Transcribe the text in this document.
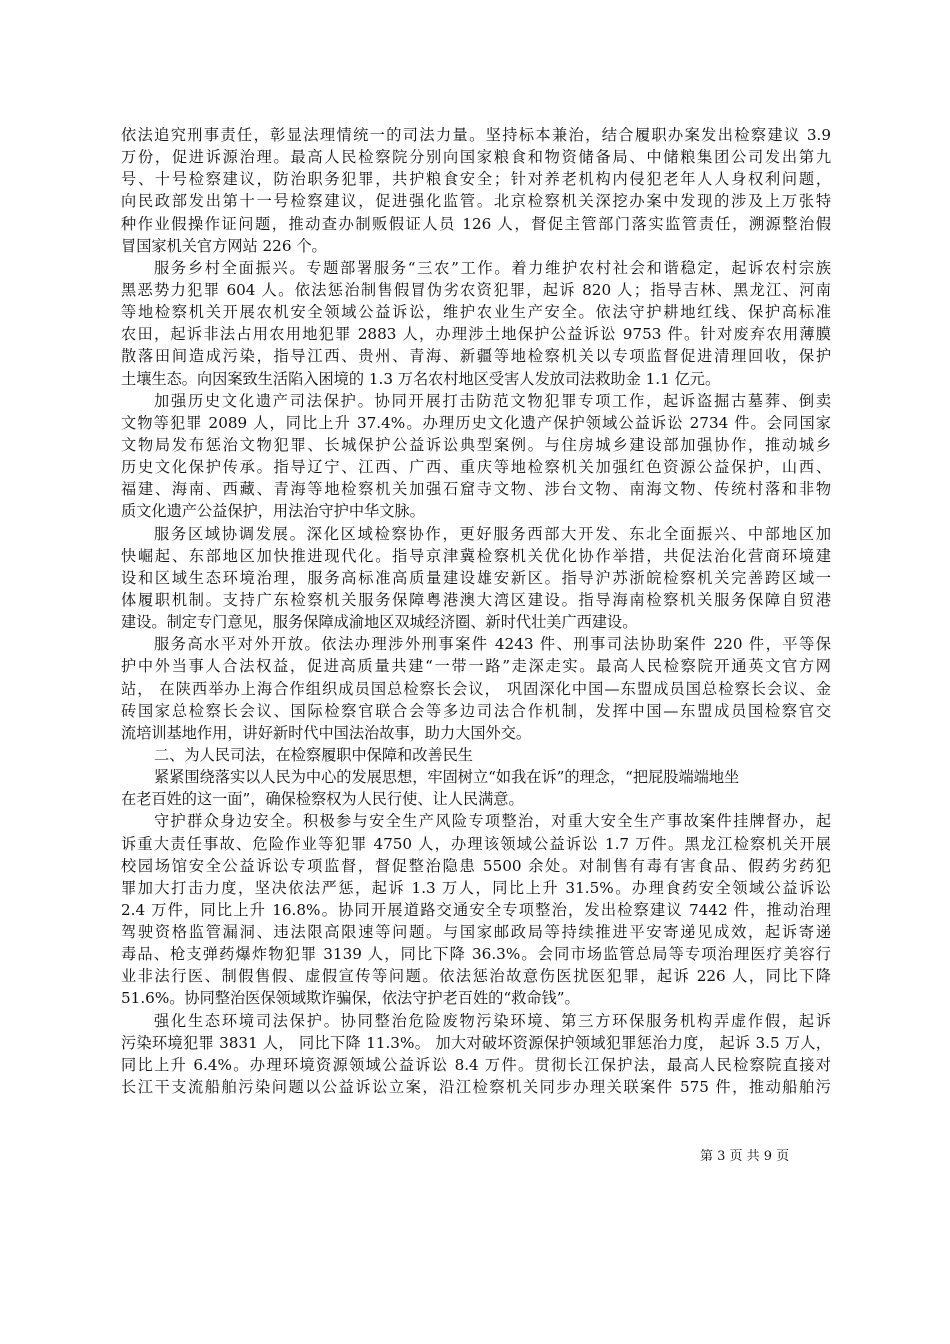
依法追究刑事责任，彰显法理情统一的司法力量。坚持标本兼治，结合履职办案发出检察建议 3.9
万份，促进诉源治理。最高人民检察院分别向国家粮食和物资储备局、中储粮集团公司发出第九
号、十号检察建议，防治职务犯罪，共护粮食安全；针对养老机构内侵犯老年人人身权利问题，
向民政部发出第十一号检察建议，促进强化监管。北京检察机关深挖办案中发现的涉及上万张特
种作业假操作证问题，推动查办制贩假证人员 126 人，督促主管部门落实监管责任，溯源整治假
冒国家机关官方网站 226 个。
服务乡村全面振兴。专题部署服务“三农”工作。着力维护农村社会和谐稳定，起诉农村宗族
黑恶势力犯罪 604 人。依法惩治制售假冒伪劣农资犯罪，起诉 820 人；指导吉林、黑龙江、河南
等地检察机关开展农机安全领域公益诉讼，维护农业生产安全。依法守护耕地红线、保护高标准
农田，起诉非法占用农用地犯罪 2883 人，办理涉土地保护公益诉讼 9753 件。针对废弃农用薄膜
散落田间造成污染，指导江西、贵州、青海、新疆等地检察机关以专项监督促进清理回收，保护
土壤生态。向因案致生活陷入困境的 1.3 万名农村地区受害人发放司法救助金 1.1 亿元。
加强历史文化遗产司法保护。协同开展打击防范文物犯罪专项工作，起诉盗掘古墓葬、倒卖
文物等犯罪 2089 人，同比上升 37.4%。办理历史文化遗产保护领域公益诉讼 2734 件。会同国家
文物局发布惩治文物犯罪、长城保护公益诉讼典型案例。与住房城乡建设部加强协作，推动城乡
历史文化保护传承。指导辽宁、江西、广西、重庆等地检察机关加强红色资源公益保护，山西、
福建、海南、西藏、青海等地检察机关加强石窟寺文物、涉台文物、南海文物、传统村落和非物
质文化遗产公益保护，用法治守护中华文脉。
服务区域协调发展。深化区域检察协作，更好服务西部大开发、东北全面振兴、中部地区加
快崛起、东部地区加快推进现代化。指导京津冀检察机关优化协作举措，共促法治化营商环境建
设和区域生态环境治理，服务高标准高质量建设雄安新区。指导沪苏浙皖检察机关完善跨区域一
体履职机制。支持广东检察机关服务保障粤港澳大湾区建设。指导海南检察机关服务保障自贸港
建设。制定专门意见，服务保障成渝地区双城经济圈、新时代壮美广西建设。
服务高水平对外开放。依法办理涉外刑事案件 4243 件、刑事司法协助案件 220 件，平等保
护中外当事人合法权益，促进高质量共建“一带一路”走深走实。最高人民检察院开通英文官方网
站， 在陕西举办上海合作组织成员国总检察长会议， 巩固深化中国—东盟成员国总检察长会议、金
砖国家总检察长会议、国际检察官联合会等多边司法合作机制，发挥中国—东盟成员国检察官交
流培训基地作用，讲好新时代中国法治故事，助力大国外交。
二、为人民司法，在检察履职中保障和改善民生
紧紧围绕落实以人民为中心的发展思想，牢固树立“如我在诉”的理念，“把屁股端端地坐
在老百姓的这一面”，确保检察权为人民行使、让人民满意。
守护群众身边安全。积极参与安全生产风险专项整治，对重大安全生产事故案件挂牌督办，起
诉重大责任事故、危险作业等犯罪 4750 人，办理该领域公益诉讼 1.7 万件。黑龙江检察机关开展
校园场馆安全公益诉讼专项监督，督促整治隐患 5500 余处。对制售有毒有害食品、假药劣药犯
罪加大打击力度，坚决依法严惩，起诉 1.3 万人，同比上升 31.5%。办理食药安全领域公益诉讼
2.4 万件，同比上升 16.8%。协同开展道路交通安全专项整治，发出检察建议 7442 件，推动治理
驾驶资格监管漏洞、违法限高限速等问题。与国家邮政局等持续推进平安寄递见成效，起诉寄递
毒品、枪支弹药爆炸物犯罪 3139 人，同比下降 36.3%。会同市场监管总局等专项治理医疗美容行
业非法行医、制假售假、虚假宣传等问题。依法惩治故意伤医扰医犯罪，起诉 226 人，同比下降
51.6%。协同整治医保领域欺诈骗保，依法守护老百姓的“救命钱”。
强化生态环境司法保护。协同整治危险废物污染环境、第三方环保服务机构弄虚作假，起诉
污染环境犯罪 3831 人， 同比下降 11.3%。 加大对破坏资源保护领域犯罪惩治力度， 起诉 3.5 万人，
同比上升 6.4%。办理环境资源领域公益诉讼 8.4 万件。贯彻长江保护法，最高人民检察院直接对
长江干支流船舶污染问题以公益诉讼立案，沿江检察机关同步办理关联案件 575 件，推动船舶污
第 3 页 共 9 页
